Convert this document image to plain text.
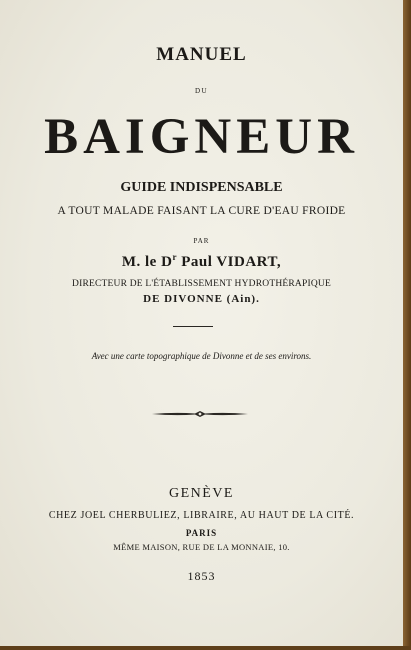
MANUEL
DU
BAIGNEUR
GUIDE INDISPENSABLE
A TOUT MALADE FAISANT LA CURE D'EAU FROIDE
PAR
M. le $D^r$ Paul VIDART,
DIRECTEUR DE L'ÉTABLISSEMENT HYDROTHÉRAPIQUE
DE DIVONNE (Ain).
Avec une carte topographique de Divonne et de ses environs.
GENÈVE
CHEZ JOEL CHERBULIEZ, LIBRAIRE, AU HAUT DE LA CITÉ.
PARIS
MÊME MAISON, RUE DE LA MONNAIE, 10.
1853
